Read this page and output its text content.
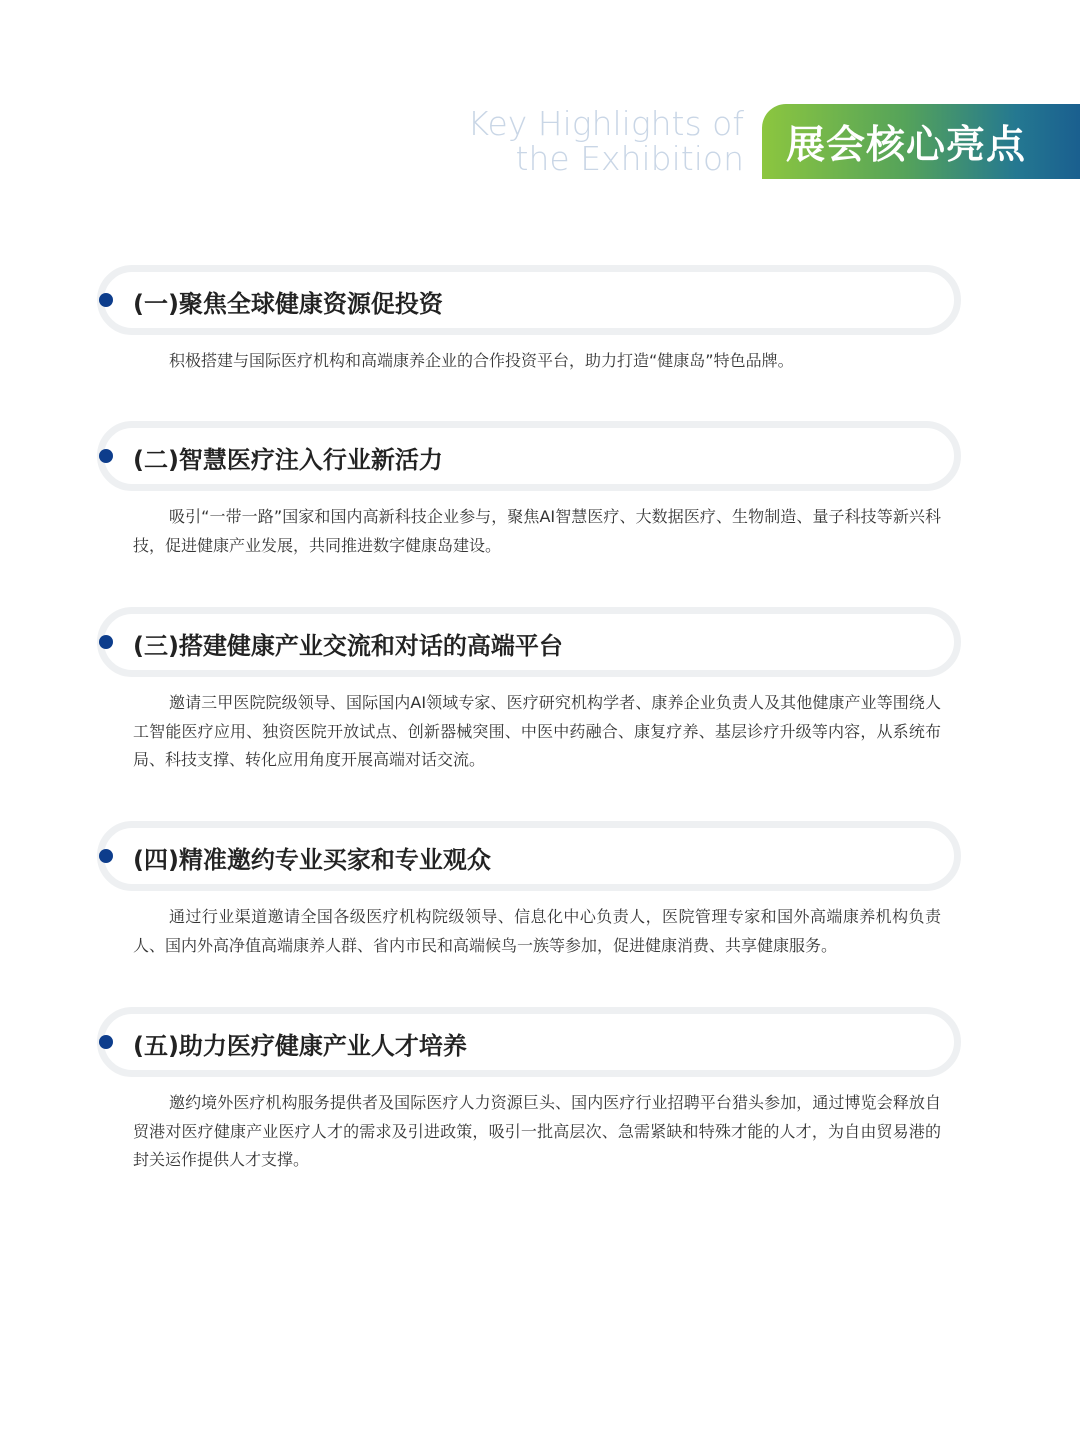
Key Highlights of
the Exhibition 展会核心亮点
(一)聚焦全球健康资源促投资

积极搭建与国际医疗机构和高端康养企业的合作投资平台，助力打造“健康岛”特色品牌。

(二)智慧医疗注入行业新活力

吸引“一带一路”国家和国内高新科技企业参与，聚焦AI智慧医疗、大数据医疗、生物制造、量子科技等新兴科技，促进健康产业发展，共同推进数字健康岛建设。

(三)搭建健康产业交流和对话的高端平台

邀请三甲医院院级领导、国际国内AI领域专家、医疗研究机构学者、康养企业负责人及其他健康产业等围绕人工智能医疗应用、独资医院开放试点、创新器械突围、中医中药融合、康复疗养、基层诊疗升级等内容，从系统布局、科技支撑、转化应用角度开展高端对话交流。

(四)精准邀约专业买家和专业观众

通过行业渠道邀请全国各级医疗机构院级领导、信息化中心负责人，医院管理专家和国外高端康养机构负责人、国内外高净值高端康养人群、省内市民和高端候鸟一族等参加，促进健康消费、共享健康服务。

(五)助力医疗健康产业人才培养

邀约境外医疗机构服务提供者及国际医疗人力资源巨头、国内医疗行业招聘平台猎头参加，通过博览会释放自贸港对医疗健康产业医疗人才的需求及引进政策，吸引一批高层次、急需紧缺和特殊才能的人才，为自由贸易港的封关运作提供人才支撑。
